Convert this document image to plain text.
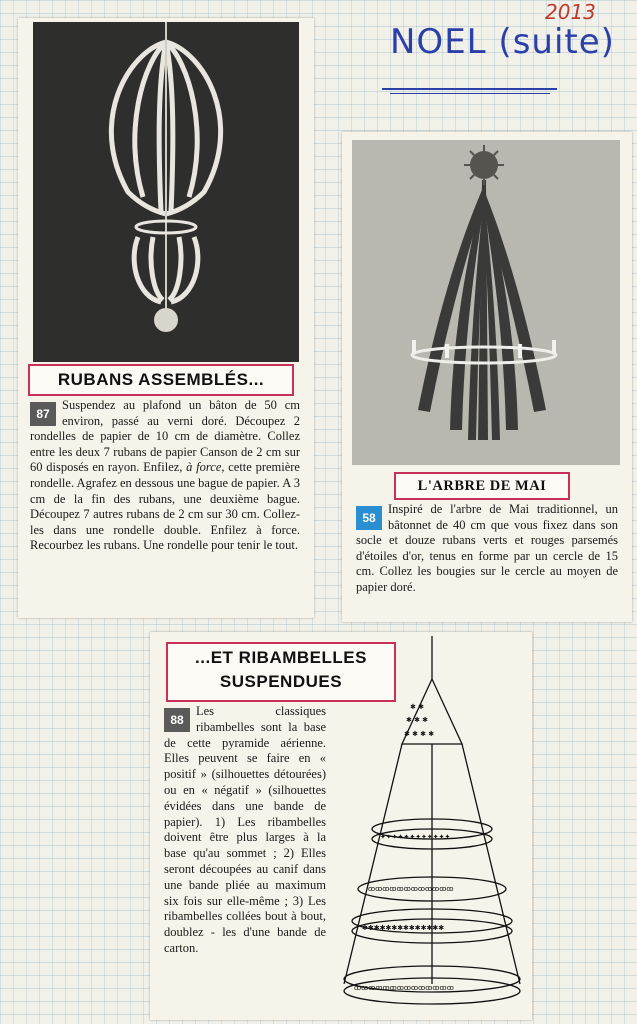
2013
NOEL (suite)
RUBANS ASSEMBLÉS...
87
Suspendez au plafond un bâton de 50 cm environ, passé au verni doré. Découpez 2 rondelles de papier de 10 cm de diamètre. Collez entre les deux 7 rubans de papier Canson de 2 cm sur 60 disposés en rayon. Enfilez, à force, cette première rondelle. Agrafez en dessous une bague de papier. A 3 cm de la fin des rubans, une deuxième bague. Découpez 7 autres rubans de 2 cm sur 30 cm. Collez-les dans une rondelle double. Enfilez à force. Recourbez les rubans. Une rondelle pour tenir le tout.
L'ARBRE DE MAI
58
Inspiré de l'arbre de Mai traditionnel, un bâtonnet de 40 cm que vous fixez dans son socle et douze rubans verts et rouges parsemés d'étoiles d'or, tenus en forme par un cercle de 15 cm. Collez les bougies sur le cercle au moyen de papier doré.
...ET RIBAMBELLES
SUSPENDUES
88
Les classiques ribambelles sont la base de cette pyramide aérienne. Elles peuvent se faire en « positif » (silhouettes détourées) ou en « négatif » (silhouettes évidées dans une bande de papier). 1) Les ribambelles doivent être plus larges à la base qu'au sommet ; 2) Elles seront découpées au canif dans une bande pliée au maximum six fois sur elle-même ; 3) Les ribambelles collées bout à bout, doublez - les d'une bande de carton.
✱ ✱
✱ ✱ ✱
✱ ✱ ✱ ✱
✦✦✦✦✦✦✦✦✦✦✦✦
ꝏꝏꝏꝏꝏꝏꝏꝏꝏꝏꝏꝏ
✱✱✱✱✱✱✱✱✱✱✱✱✱✱
ꝏꝏꝏꝏꝏꝏꝏꝏꝏꝏꝏꝏꝏꝏ
